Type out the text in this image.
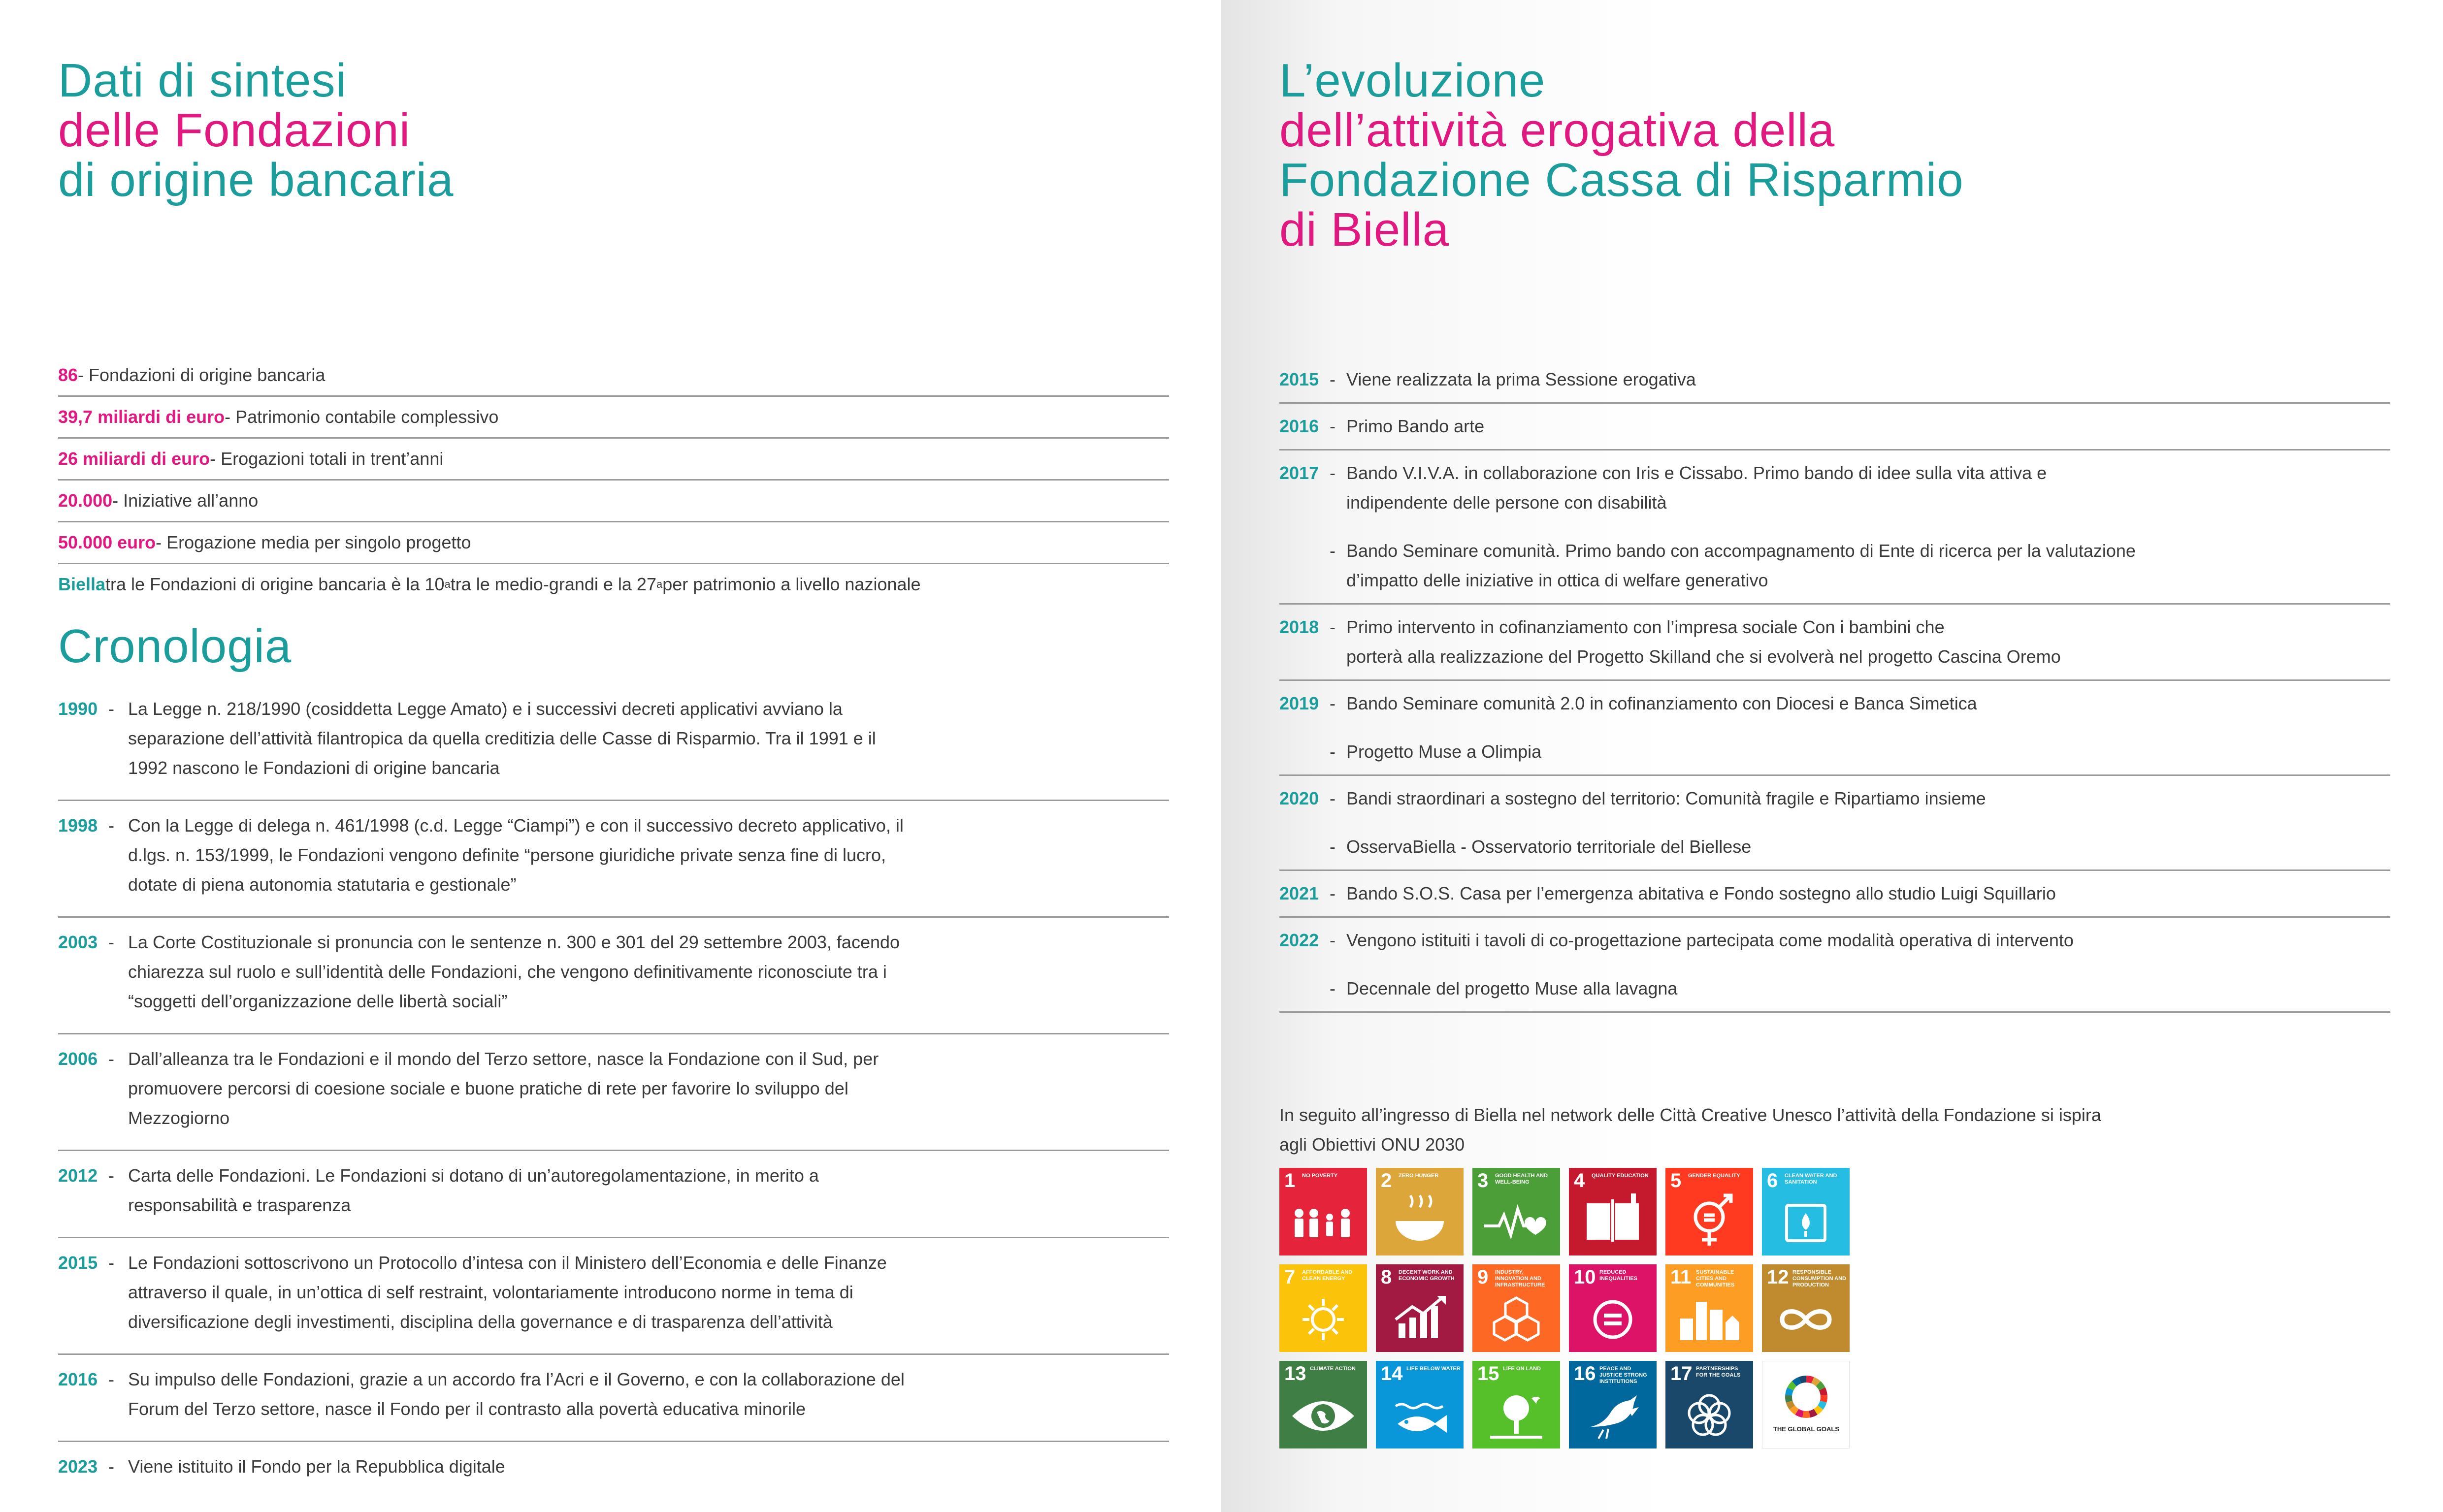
Dati di sintesi
delle Fondazioni
di origine bancaria
L’evoluzione
dell’attività erogativa della
Fondazione Cassa di Risparmio
di Biella
86 - Fondazioni di origine bancaria
39,7 miliardi di euro - Patrimonio contabile complessivo
26 miliardi di euro - Erogazioni totali in trent’anni
20.000 - Iniziative all’anno
50.000 euro - Erogazione media per singolo progetto
Biella tra le Fondazioni di origine bancaria è la 10 a tra le medio-grandi e la 27 a per patrimonio a livello nazionale
Cronologia
1990 - La Legge n. 218/1990 (cosiddetta Legge Amato) e i successivi decreti applicativi avviano la
separazione dell’attività filantropica da quella creditizia delle Casse di Risparmio. Tra il 1991 e il
1992 nascono le Fondazioni di origine bancaria
1998 - Con la Legge di delega n. 461/1998 (c.d. Legge “Ciampi”) e con il successivo decreto applicativo, il
d.lgs. n. 153/1999, le Fondazioni vengono definite “persone giuridiche private senza fine di lucro,
dotate di piena autonomia statutaria e gestionale”
2003 - La Corte Costituzionale si pronuncia con le sentenze n. 300 e 301 del 29 settembre 2003, facendo
chiarezza sul ruolo e sull’identità delle Fondazioni, che vengono definitivamente riconosciute tra i
“soggetti dell’organizzazione delle libertà sociali”
2006 - Dall’alleanza tra le Fondazioni e il mondo del Terzo settore, nasce la Fondazione con il Sud, per
promuovere percorsi di coesione sociale e buone pratiche di rete per favorire lo sviluppo del
Mezzogiorno
2012 - Carta delle Fondazioni. Le Fondazioni si dotano di un’autoregolamentazione, in merito a
responsabilità e trasparenza
2015 - Le Fondazioni sottoscrivono un Protocollo d’intesa con il Ministero dell’Economia e delle Finanze
attraverso il quale, in un’ottica di self restraint, volontariamente introducono norme in tema di
diversificazione degli investimenti, disciplina della governance e di trasparenza dell’attività
2016 - Su impulso delle Fondazioni, grazie a un accordo fra l’Acri e il Governo, e con la collaborazione del
Forum del Terzo settore, nasce il Fondo per il contrasto alla povertà educativa minorile
2023 - Viene istituito il Fondo per la Repubblica digitale
2015 - Viene realizzata la prima Sessione erogativa
2016 - Primo Bando arte
2017 - Bando V.I.V.A. in collaborazione con Iris e Cissabo. Primo bando di idee sulla vita attiva e
indipendente delle persone con disabilità
- Bando Seminare comunità. Primo bando con accompagnamento di Ente di ricerca per la valutazione
d’impatto delle iniziative in ottica di welfare generativo
2018 - Primo intervento in cofinanziamento con l’impresa sociale Con i bambini che
porterà alla realizzazione del Progetto Skilland che si evolverà nel progetto Cascina Oremo
2019 - Bando Seminare comunità 2.0 in cofinanziamento con Diocesi e Banca Simetica
- Progetto Muse a Olimpia
2020 - Bandi straordinari a sostegno del territorio: Comunità fragile e Ripartiamo insieme
- OsservaBiella - Osservatorio territoriale del Biellese
2021 - Bando S.O.S. Casa per l’emergenza abitativa e Fondo sostegno allo studio Luigi Squillario
2022 - Vengono istituiti i tavoli di co-progettazione partecipata come modalità operativa di intervento
- Decennale del progetto Muse alla lavagna
In seguito all’ingresso di Biella nel network delle Città Creative Unesco l’attività della Fondazione si ispira
agli Obiettivi ONU 2030
1 NO POVERTY	2 ZERO HUNGER	3 GOOD HEALTH AND WELL-BEING	4 QUALITY EDUCATION 5 GENDER EQUALITY	6 CLEAN WATER AND SANITATION
7 AFFORDABLE AND CLEAN ENERGY	8 DECENT WORK AND ECONOMIC GROWTH 9 INDUSTRY, INNOVATION AND INFRASTRUCTURE	10 REDUCED INEQUALITIES	11 SUSTAINABLE CITIES AND COMMUNITIES	12 RESPONSIBLE CONSUMPTION AND PRODUCTION
13 CLIMATE ACTION	14 LIFE BELOW WATER 15 LIFE ON LAND	16 PEACE AND JUSTICE STRONG INSTITUTIONS	17 PARTNERSHIPS FOR THE GOALS
THE GLOBAL GOALS
